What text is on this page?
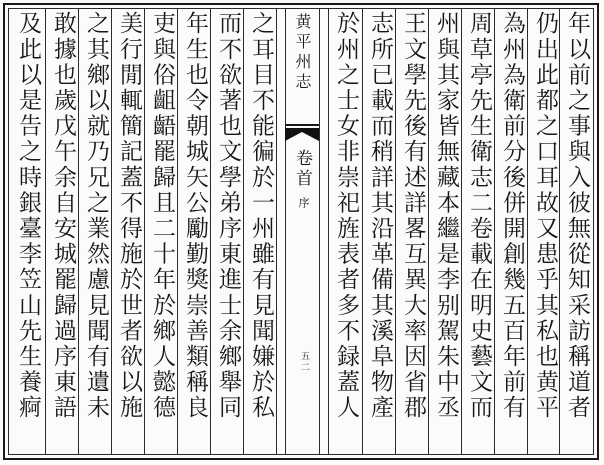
年以前之事與入彼無從知采訪稱道者
仍出此都之口耳故又患乎其私也黄平
為州為衛前分後併開創幾五百年前有
周草亭先生衛志二卷載在明史藝文而
州與其家皆無藏本繼是李别駕朱中丞
王文學先後有述詳畧互異大率因省郡
志所已載而稍詳其沿革備其溪阜物產
於州之士女非崇祀旌表者多不録蓋人
黄平州志
卷首
序
五二
之耳目不能徧於一州雖有見聞嫌於私
而不欲著也文學弟序東進士余鄉舉同
年生也令朝城矢公勵勤獎崇善類稱良
吏與俗齟齬罷歸且二十年於鄉人懿德
美行閒輒簡記蓋不得施於世者欲以施
之其鄉以就乃兄之業然慮見聞有遺未
敢據也歲戊午余自安城罷歸過序東語
及此以是告之時銀臺李笠山先生養痾
